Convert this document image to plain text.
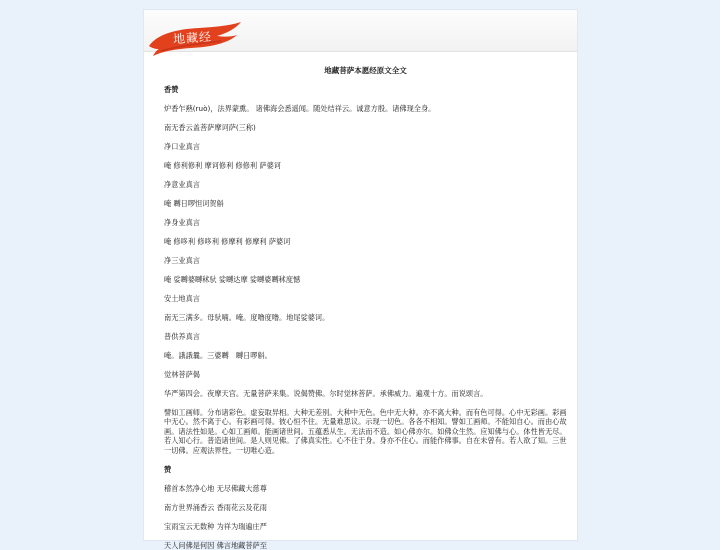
地藏经
地藏菩萨本愿经原文全文

香赞

炉香乍爇(ruò)，法界蒙熏。 诸佛海会悉遥闻。随处结祥云。诚意方殷。诸佛现全身。

南无香云盖菩萨摩诃萨(三称)

净口业真言

唵 修利修利 摩诃修利 修修利 萨婆诃

净意业真言

唵 嚩日啰怛诃贺斛

净身业真言

唵 修哆利 修哆利 修摩利 修摩利 萨婆诃

净三业真言

唵 娑嚩婆嚩秫驮 娑嚩达摩 娑嚩婆嚩秫度憾

安土地真言

南无三满多。母驮喃。唵。度噜度噜。地尾娑婆诃。

普供养真言

唵。誐誐曩。三婆嚩　嚩日啰斛。

觉林菩萨偈

华严第四会。夜摩天宫。无量菩萨来集。说偈赞佛。尔时觉林菩萨。承佛威力。遍观十方。而说颂言。

譬如工画师。分布诸彩色。虚妄取异相。大种无差别。大种中无色。色中无大种。亦不离大种。而有色可得。心中无彩画。彩画中无心。然不离于心。有彩画可得。彼心恒不住。无量难思议。示现一切色。各各不相知。譬如工画师。不能知自心。而由心故画。诸法性如是。心如工画师。能画诸世间。五蕴悉从生。无法而不造。如心佛亦尔。如佛众生然。应知佛与心。体性皆无尽。若人知心行。普造诸世间。是人则见佛。了佛真实性。心不住于身。身亦不住心。而能作佛事。自在未曾有。若人欲了知。三世一切佛。应观法界性。一切唯心造。

赞

稽首本然净心地 无尽佛藏大慈尊

南方世界涌香云 香雨花云及花雨

宝雨宝云无数种 为祥为瑞遍庄严

天人问佛是何因 佛言地藏菩萨至
